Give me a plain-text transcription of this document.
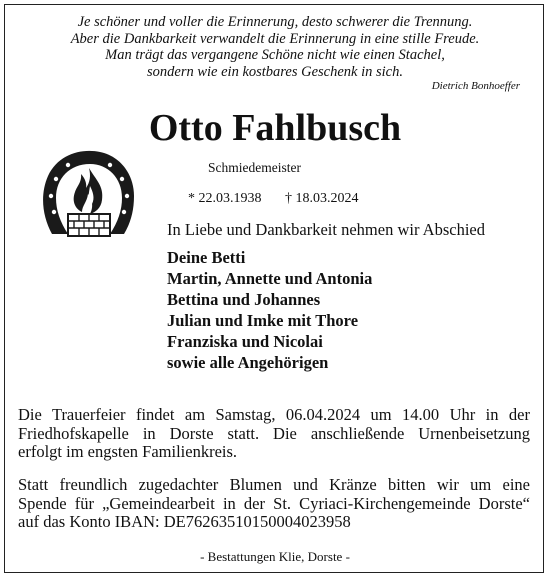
Je schöner und voller die Erinnerung, desto schwerer die Trennung.
Aber die Dankbarkeit verwandelt die Erinnerung in eine stille Freude.
Man trägt das vergangene Schöne nicht wie einen Stachel,
sondern wie ein kostbares Geschenk in sich.
Dietrich Bonhoeffer
Otto Fahlbusch
Schmiedemeister
* 22.03.1938 † 18.03.2024
In Liebe und Dankbarkeit nehmen wir Abschied
Deine Betti
Martin, Annette und Antonia
Bettina und Johannes
Julian und Imke mit Thore
Franziska und Nicolai
sowie alle Angehörigen
Die Trauerfeier findet am Samstag, 06.04.2024 um 14.00 Uhr in der
Friedhofskapelle in Dorste statt. Die anschließende Urnenbeisetzung
erfolgt im engsten Familienkreis.
Statt freundlich zugedachter Blumen und Kränze bitten wir um eine
Spende für „Gemeindearbeit in der St. Cyriaci-Kirchengemeinde Dorste“
auf das Konto IBAN: DE76263510150004023958
- Bestattungen Klie, Dorste -
